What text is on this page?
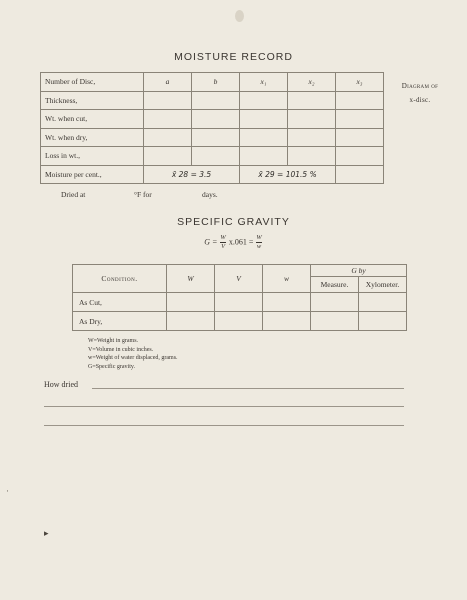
MOISTURE RECORD
Diagram of
x-disc.
Number of Disc,	a	b	x₁	x₂	x₃
Thickness,					
Wt. when cut,					
Wt. when dry,					
Loss in wt.,					
Moisture per cent.,	x̄ 28 = 3.5		x̄ 29 = 101.5 %		
Dried at	°F for	days.
SPECIFIC GRAVITY
$G = \frac{W}{V} x.061 = \frac{W}{w}$
Condition.	W	V	w	G by	
				Measure.	Xylometer.
As Cut,					
As Dry,					
W=Weight in grams.
V=Volume in cubic inches.
w=Weight of water displaced, grams.
G=Specific gravity.
How dried
·
▸
